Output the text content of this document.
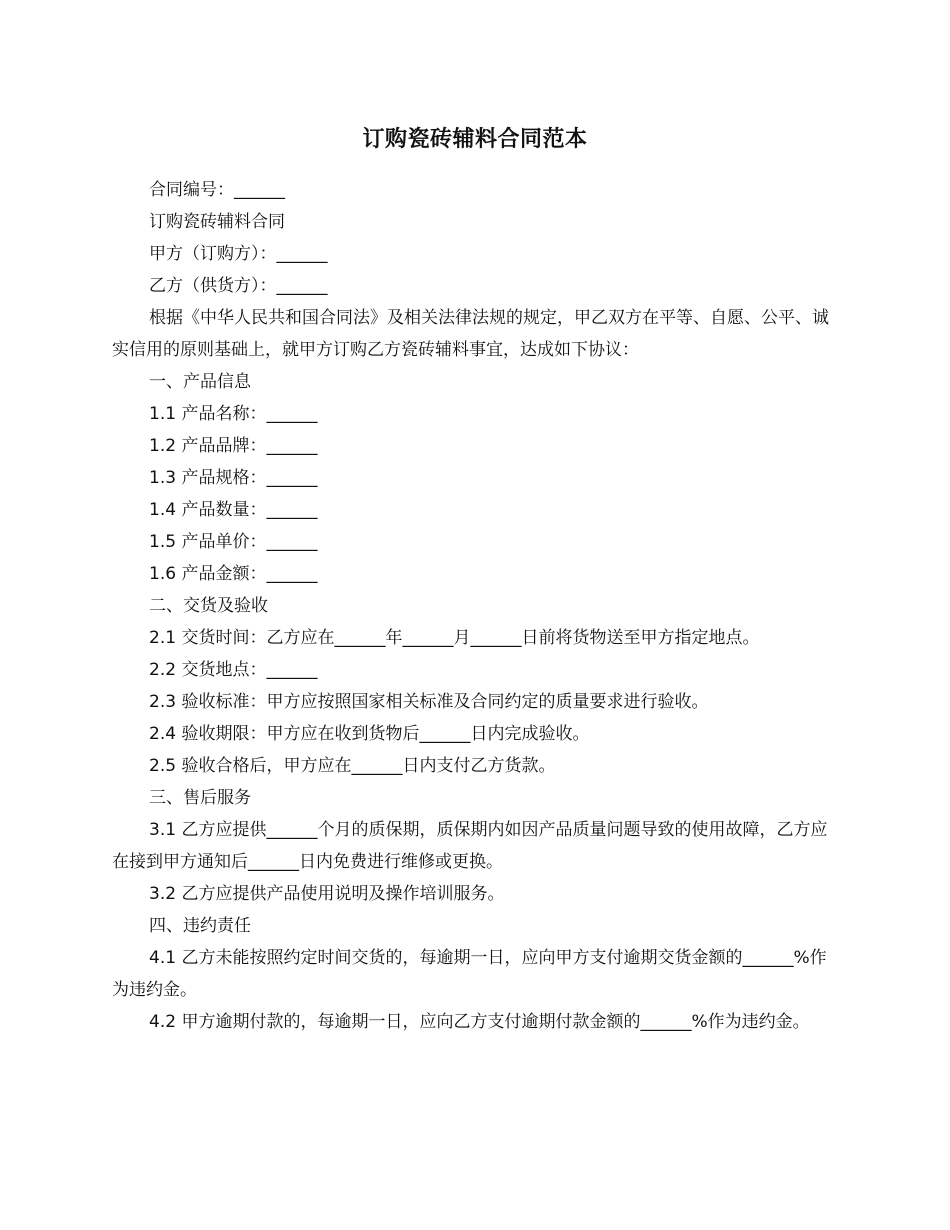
订购瓷砖辅料合同范本

合同编号：______

订购瓷砖辅料合同

甲方（订购方）：______

乙方（供货方）：______

根据《中华人民共和国合同法》及相关法律法规的规定，甲乙双方在平等、自愿、公平、诚实信用的原则基础上，就甲方订购乙方瓷砖辅料事宜，达成如下协议：

一、产品信息

1.1 产品名称：______

1.2 产品品牌：______

1.3 产品规格：______

1.4 产品数量：______

1.5 产品单价：______

1.6 产品金额：______

二、交货及验收

2.1 交货时间：乙方应在______年______月______日前将货物送至甲方指定地点。

2.2 交货地点：______

2.3 验收标准：甲方应按照国家相关标准及合同约定的质量要求进行验收。

2.4 验收期限：甲方应在收到货物后______日内完成验收。

2.5 验收合格后，甲方应在______日内支付乙方货款。

三、售后服务

3.1 乙方应提供______个月的质保期，质保期内如因产品质量问题导致的使用故障，乙方应在接到甲方通知后______日内免费进行维修或更换。

3.2 乙方应提供产品使用说明及操作培训服务。

四、违约责任

4.1 乙方未能按照约定时间交货的，每逾期一日，应向甲方支付逾期交货金额的______%作为违约金。

4.2 甲方逾期付款的，每逾期一日，应向乙方支付逾期付款金额的______%作为违约金。
